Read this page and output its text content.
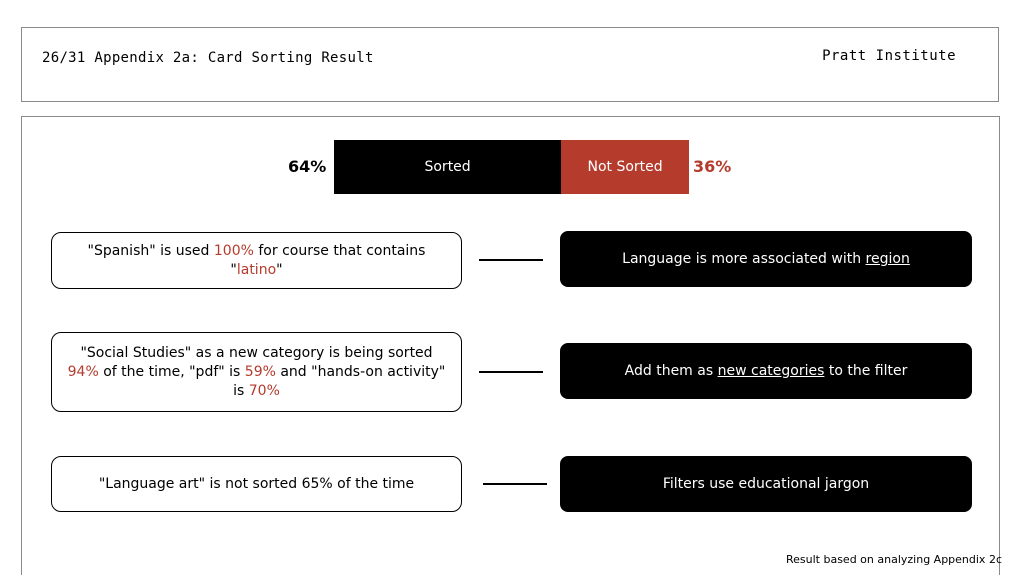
26/31 Appendix 2a: Card Sorting Result	Pratt Institute
64%	Sorted	Not Sorted 36%
"Spanish" is used 100% for course that contains "latino"
Language is more associated with
region
"Social Studies" as a new category is being sorted 94% of the time, "pdf" is 59% and "hands-on activity" is 70%
Add them as
new categories
to the filter
"Language art" is not sorted 65% of the time	Filters use educational jargon
Result based on analyzing Appendix 2c
